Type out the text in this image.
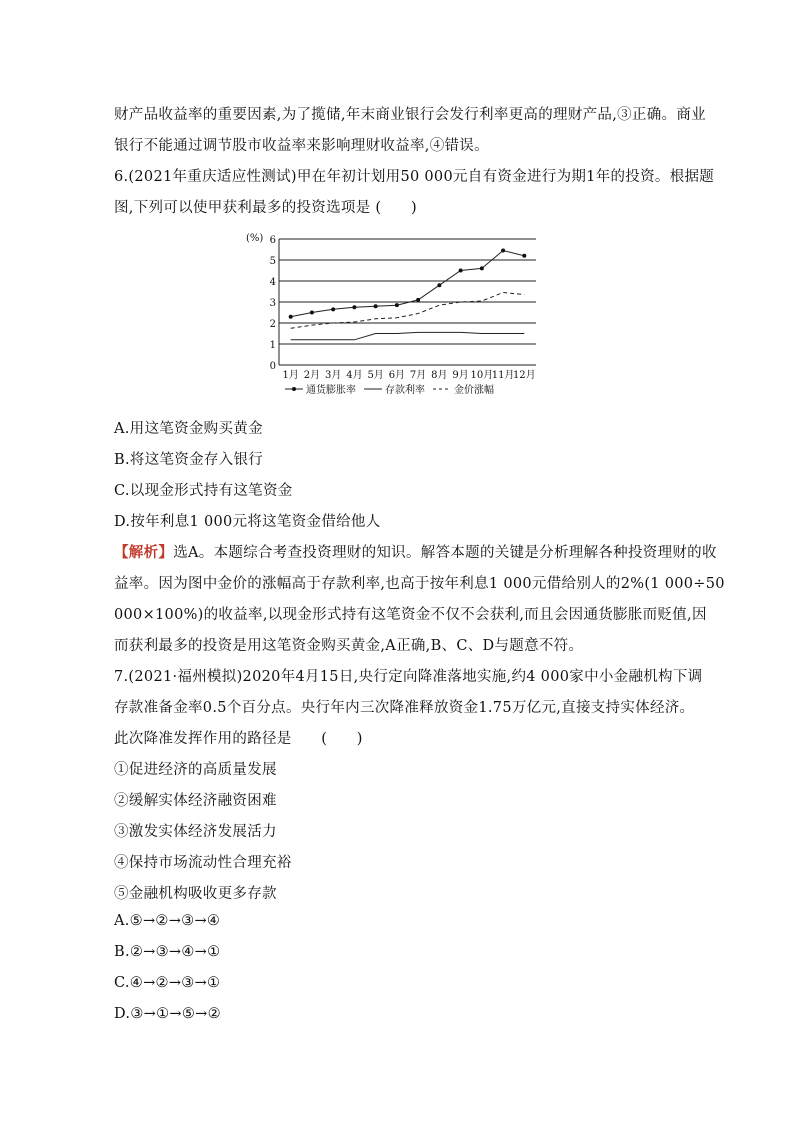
财产品收益率的重要因素,为了揽储,年末商业银行会发行利率更高的理财产品,③正确。商业
银行不能通过调节股市收益率来影响理财收益率,④错误。
6.(2021年重庆适应性测试)甲在年初计划用50 000元自有资金进行为期1年的投资。根据题
图,下列可以使甲获利最多的投资选项是 (　　)
0
1
2
3
4
5
6
(%)
1月 2月 3月 4月 5月 6月 7月 8月 9月 10月
11月
12月
通货膨胀率	存款利率	金价涨幅
A.用这笔资金购买黄金
B.将这笔资金存入银行
C.以现金形式持有这笔资金
D.按年利息1 000元将这笔资金借给他人
【解析】选A。本题综合考查投资理财的知识。解答本题的关键是分析理解各种投资理财的收
益率。因为图中金价的涨幅高于存款利率,也高于按年利息1 000元借给别人的2%(1 000÷50
000×100%)的收益率,以现金形式持有这笔资金不仅不会获利,而且会因通货膨胀而贬值,因
而获利最多的投资是用这笔资金购买黄金,A正确,B、C、D与题意不符。
7.(2021·福州模拟)2020年4月15日,央行定向降准落地实施,约4 000家中小金融机构下调
存款准备金率0.5个百分点。央行年内三次降准释放资金1.75万亿元,直接支持实体经济。
此次降准发挥作用的路径是　　(　　)
①促进经济的高质量发展
②缓解实体经济融资困难
③激发实体经济发展活力
④保持市场流动性合理充裕
⑤金融机构吸收更多存款
A.⑤→②→③→④
B.②→③→④→①
C.④→②→③→①
D.③→①→⑤→②
